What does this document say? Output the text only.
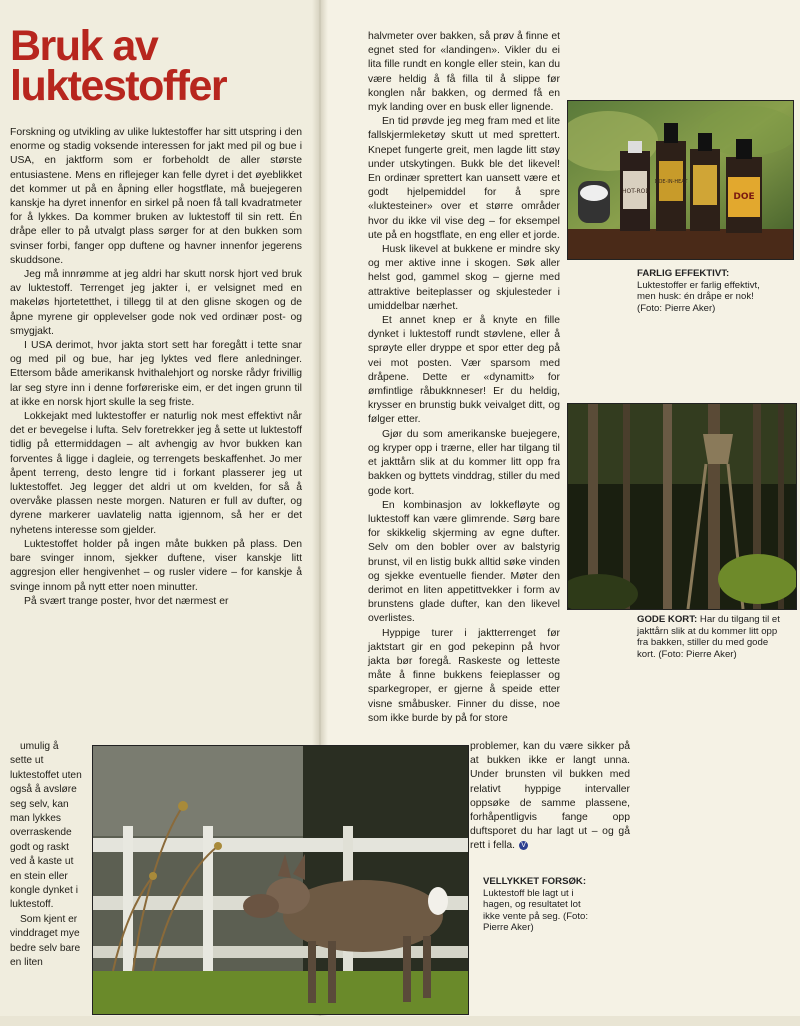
Bruk av luktestoffer

Forskning og utvikling av ulike luktestoffer har sitt utspring i den enorme og stadig voksende interessen for jakt med pil og bue i USA, en jaktform som er forbeholdt de aller største entusiastene. Mens en riflejeger kan felle dyret i det øyeblikket det kommer ut på en åpning eller hogstflate, må buejegeren kanskje ha dyret innenfor en sirkel på noen få tall kvadratmeter for å lykkes. Da kommer bruken av luktestoff til sin rett. Én dråpe eller to på utvalgt plass sørger for at den bukken som svinser forbi, fanger opp duftene og havner innenfor jegerens skuddsone.

Jeg må innrømme at jeg aldri har skutt norsk hjort ved bruk av luktestoff. Terrenget jeg jakter i, er velsignet med en makeløs hjortetetthet, i tillegg til at den glisne skogen og de åpne myrene gir opplevelser gode nok ved ordinær post- og smygjakt.

I USA derimot, hvor jakta stort sett har foregått i tette snar og med pil og bue, har jeg lyktes ved flere anledninger. Ettersom både amerikansk hvithalehjort og norske rådyr frivillig lar seg styre inn i denne forføreriske eim, er det ingen grunn til at ikke en norsk hjort skulle la seg friste.

Lokkejakt med luktestoffer er naturlig nok mest effektivt når det er bevegelse i lufta. Selv foretrekker jeg å sette ut luktestoff tidlig på ettermiddagen – alt avhengig av hvor bukken kan forventes å ligge i dagleie, og terrengets beskaffenhet. Jo mer åpent terreng, desto lengre tid i forkant plasserer jeg ut luktestoffet. Jeg legger det aldri ut om kvelden, for så å overvåke plassen neste morgen. Naturen er full av dufter, og dyrene markerer uavlatelig natta igjennom, så her er det nyhetens interesse som gjelder.

Luktestoffet holder på ingen måte bukken på plass. Den bare svinger innom, sjekker duftene, viser kanskje litt aggresjon eller hengivenhet – og rusler videre – for kanskje å svinge innom på nytt etter noen minutter.

På svært trange poster, hvor det nærmest er

umulig å sette ut luktestoffet uten også å avsløre seg selv, kan man lykkes overraskende godt og raskt ved å kaste ut en stein eller kongle dynket i luktestoff.

Som kjent er vinddraget mye bedre selv bare en liten

halvmeter over bakken, så prøv å finne et egnet sted for «landingen». Vikler du ei lita fille rundt en kongle eller stein, kan du være heldig å få filla til å slippe før konglen når bakken, og dermed få en myk landing over en busk eller lignende.

En tid prøvde jeg meg fram med et lite fallskjermleketøy skutt ut med sprettert. Knepet fungerte greit, men lagde litt støy under utskytingen. Bukk ble det likevel! En ordinær sprettert kan uansett være et godt hjelpemiddel for å spre «luktesteiner» over et større områder hvor du ikke vil vise deg – for eksempel ute på en hogstflate, en eng eller et jorde.

Husk likevel at bukkene er mindre sky og mer aktive inne i skogen. Søk aller helst god, gammel skog – gjerne med attraktive beiteplasser og skjulesteder i umiddelbar nærhet.

Et annet knep er å knyte en fille dynket i luktestoff rundt støvlene, eller å sprøyte eller dryppe et spor etter deg på vei mot posten. Vær sparsom med dråpene. Dette er «dynamitt» for ømfintlige råbukknneser! Er du heldig, krysser en brunstig bukk veivalget ditt, og følger etter.

Gjør du som amerikanske buejegere, og kryper opp i trærne, eller har tilgang til et jakttårn slik at du kommer litt opp fra bakken og byttets vinddrag, stiller du med gode kort.

En kombinasjon av lokkefløyte og luktestoff kan være glimrende. Sørg bare for skikkelig skjerming av egne dufter. Selv om den bobler over av balstyrig brunst, vil en listig bukk alltid søke vinden og sjekke eventuelle fiender. Møter den derimot en liten appetittvekker i form av brunstens glade dufter, kan den likevel overlistes.

Hyppige turer i jaktterrenget før jaktstart gir en god pekepinn på hvor jakta bør foregå. Raskeste og letteste måte å finne bukkens feieplasser og sparkegroper, er gjerne å speide etter visne småbusker. Finner du disse, noe som ikke burde by på for store

problemer, kan du være sikker på at bukken ikke er langt unna. Under brunsten vil bukken med relativt hyppige intervaller oppsøke de samme plassene, forhåpentligvis fange opp duftsporet du har lagt ut – og gå rett i fella. V

HOT-ROD
DOE-IN-HEAT
DOE
FARLIG EFFEKTIVT: Luktestoffer er farlig effektivt, men husk: én dråpe er nok! (Foto: Pierre Aker)
GODE KORT: Har du tilgang til et jakttårn slik at du kommer litt opp fra bakken, stiller du med gode kort. (Foto: Pierre Aker)
VELLYKKET FORSØK:
Luktestoff ble lagt ut i hagen, og resultatet lot ikke vente på seg. (Foto: Pierre Aker)
